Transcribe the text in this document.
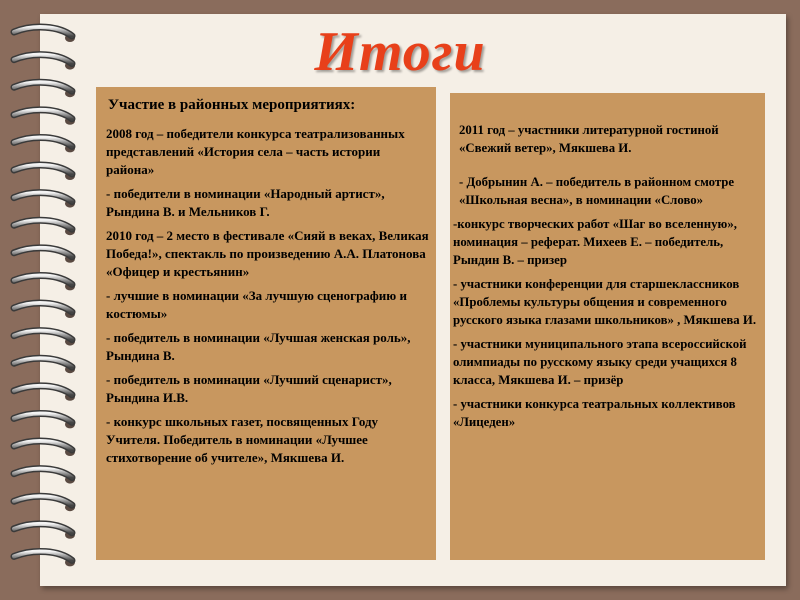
Итоги

Участие в районных мероприятиях:

2008 год – победители конкурса театрализованных представлений «История села – часть истории района»

- победители в номинации «Народный артист», Рындина В. и Мельников Г.

2010 год – 2 место в фестивале «Сияй в веках, Великая Победа!», спектакль по произведению А.А. Платонова «Офицер и крестьянин»

- лучшие в номинации «За лучшую сценографию и костюмы»

- победитель в номинации «Лучшая женская роль», Рындина В.

- победитель в номинации «Лучший сценарист», Рындина И.В.

- конкурс школьных газет, посвященных Году Учителя. Победитель в номинации «Лучшее стихотворение об учителе», Мякшева И.

2011 год – участники литературной гостиной «Свежий ветер», Мякшева И.

- Добрынин А. – победитель в районном смотре «Школьная весна», в номинации «Слово»

-конкурс творческих работ «Шаг во вселенную», номинация – реферат. Михеев Е. – победитель, Рындин В. – призер

- участники конференции для старшеклассников «Проблемы культуры общения и современного русского языка глазами школьников» , Мякшева И.

- участники муниципального этапа всероссийской олимпиады по русскому языку среди учащихся 8 класса, Мякшева И. – призёр

- участники конкурса театральных коллективов «Лицеден»
